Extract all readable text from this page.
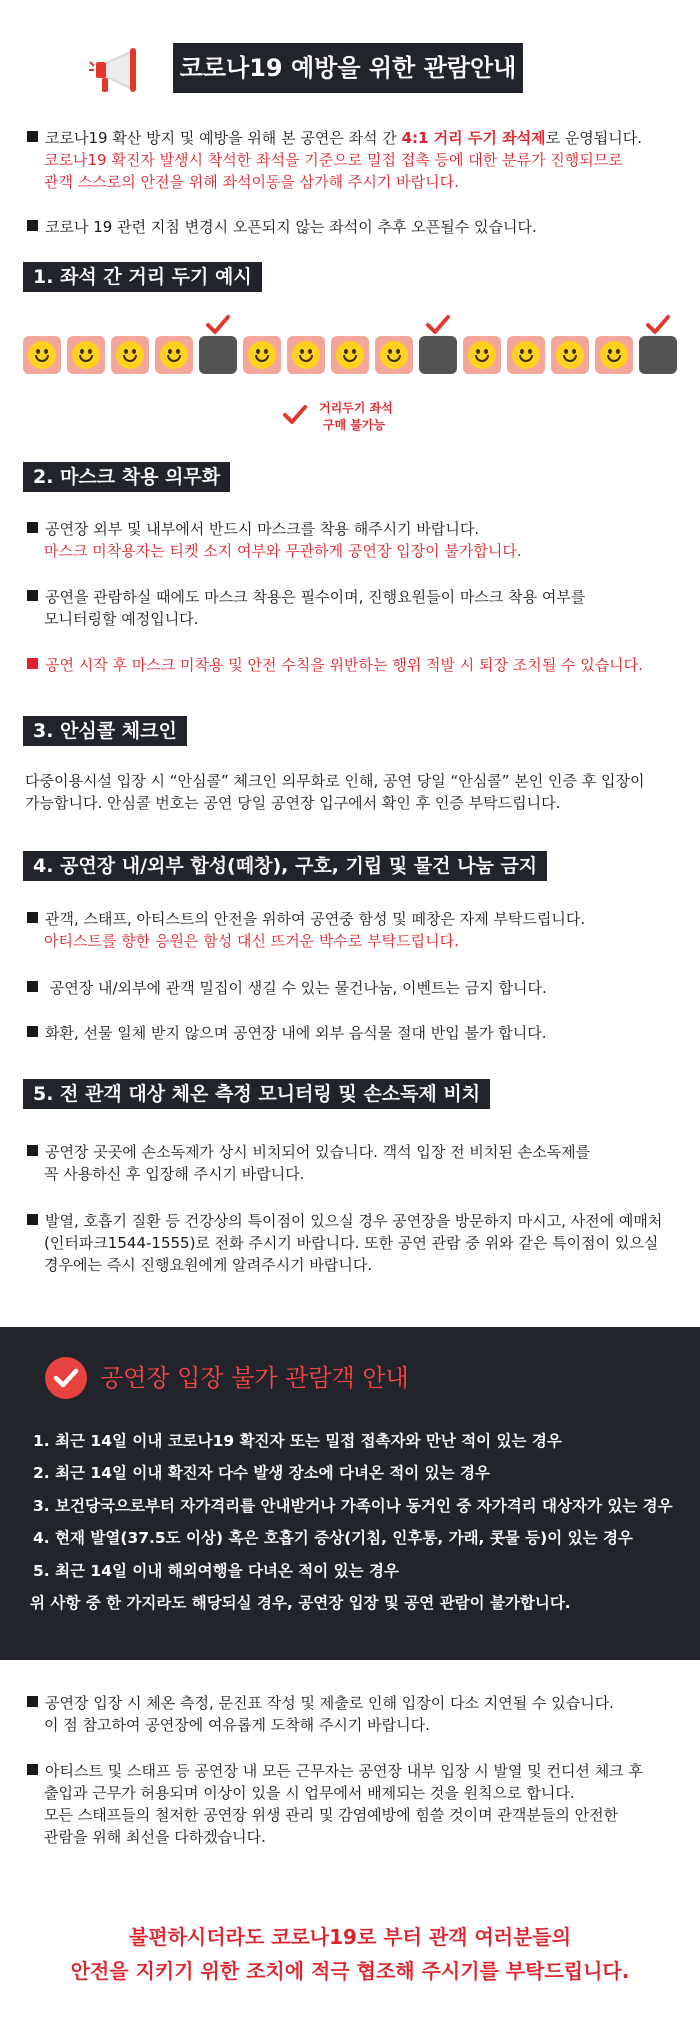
코로나19 예방을 위한 관람안내
코로나19 확산 방지 및 예방을 위해 본 공연은 좌석 간 4:1 거리 두기 좌석제로 운영됩니다.
코로나19 확진자 발생시 착석한 좌석을 기준으로 밀접 접촉 등에 대한 분류가 진행되므로
관객 스스로의 안전을 위해 좌석이동을 삼가해 주시기 바랍니다.
코로나 19 관련 지침 변경시 오픈되지 않는 좌석이 추후 오픈될수 있습니다.
1. 좌석 간 거리 두기 예시
거리두기 좌석
구매 불가능
2. 마스크 착용 의무화
공연장 외부 및 내부에서 반드시 마스크를 착용 해주시기 바랍니다.
마스크 미착용자는 티켓 소지 여부와 무관하게 공연장 입장이 불가합니다.
공연을 관람하실 때에도 마스크 착용은 필수이며, 진행요원들이 마스크 착용 여부를
모니터링할 예정입니다.
공연 시작 후 마스크 미착용 및 안전 수칙을 위반하는 행위 적발 시 퇴장 조치될 수 있습니다.
3. 안심콜 체크인
다중이용시설 입장 시 “안심콜” 체크인 의무화로 인해, 공연 당일 “안심콜” 본인 인증 후 입장이
가능합니다. 안심콜 번호는 공연 당일 공연장 입구에서 확인 후 인증 부탁드립니다.
4. 공연장 내/외부 합성(떼창), 구호, 기립 및 물건 나눔 금지
관객, 스태프, 아티스트의 안전을 위하여 공연중 함성 및 떼창은 자제 부탁드립니다.
아티스트를 향한 응원은 함성 대신 뜨거운 박수로 부탁드립니다.
공연장 내/외부에 관객 밀집이 생길 수 있는 물건나눔, 이벤트는 금지 합니다.
화환, 선물 일체 받지 않으며 공연장 내에 외부 음식물 절대 반입 불가 합니다.
5. 전 관객 대상 체온 측정 모니터링 및 손소독제 비치
공연장 곳곳에 손소독제가 상시 비치되어 있습니다. 객석 입장 전 비치된 손소독제를
꼭 사용하신 후 입장해 주시기 바랍니다.
발열, 호흡기 질환 등 건강상의 특이점이 있으실 경우 공연장을 방문하지 마시고, 사전에 예매처
(인터파크1544-1555)로 전화 주시기 바랍니다. 또한 공연 관람 중 위와 같은 특이점이 있으실
경우에는 즉시 진행요원에게 알려주시기 바랍니다.
공연장 입장 불가 관람객 안내
1. 최근 14일 이내 코로나19 확진자 또는 밀접 접촉자와 만난 적이 있는 경우
2. 최근 14일 이내 확진자 다수 발생 장소에 다녀온 적이 있는 경우
3. 보건당국으로부터 자가격리를 안내받거나 가족이나 동거인 중 자가격리 대상자가 있는 경우
4. 현재 발열(37.5도 이상) 혹은 호흡기 증상(기침, 인후통, 가래, 콧물 등)이 있는 경우
5. 최근 14일 이내 해외여행을 다녀온 적이 있는 경우
위 사항 중 한 가지라도 해당되실 경우, 공연장 입장 및 공연 관람이 불가합니다.
공연장 입장 시 체온 측정, 문진표 작성 및 제출로 인해 입장이 다소 지연될 수 있습니다.
이 점 참고하여 공연장에 여유롭게 도착해 주시기 바랍니다.
아티스트 및 스태프 등 공연장 내 모든 근무자는 공연장 내부 입장 시 발열 및 컨디션 체크 후
출입과 근무가 허용되며 이상이 있을 시 업무에서 배제되는 것을 원칙으로 합니다.
모든 스태프들의 철저한 공연장 위생 관리 및 감염예방에 힘쓸 것이며 관객분들의 안전한
관람을 위해 최선을 다하겠습니다.
불편하시더라도 코로나19로 부터 관객 여러분들의
안전을 지키기 위한 조치에 적극 협조해 주시기를 부탁드립니다.
